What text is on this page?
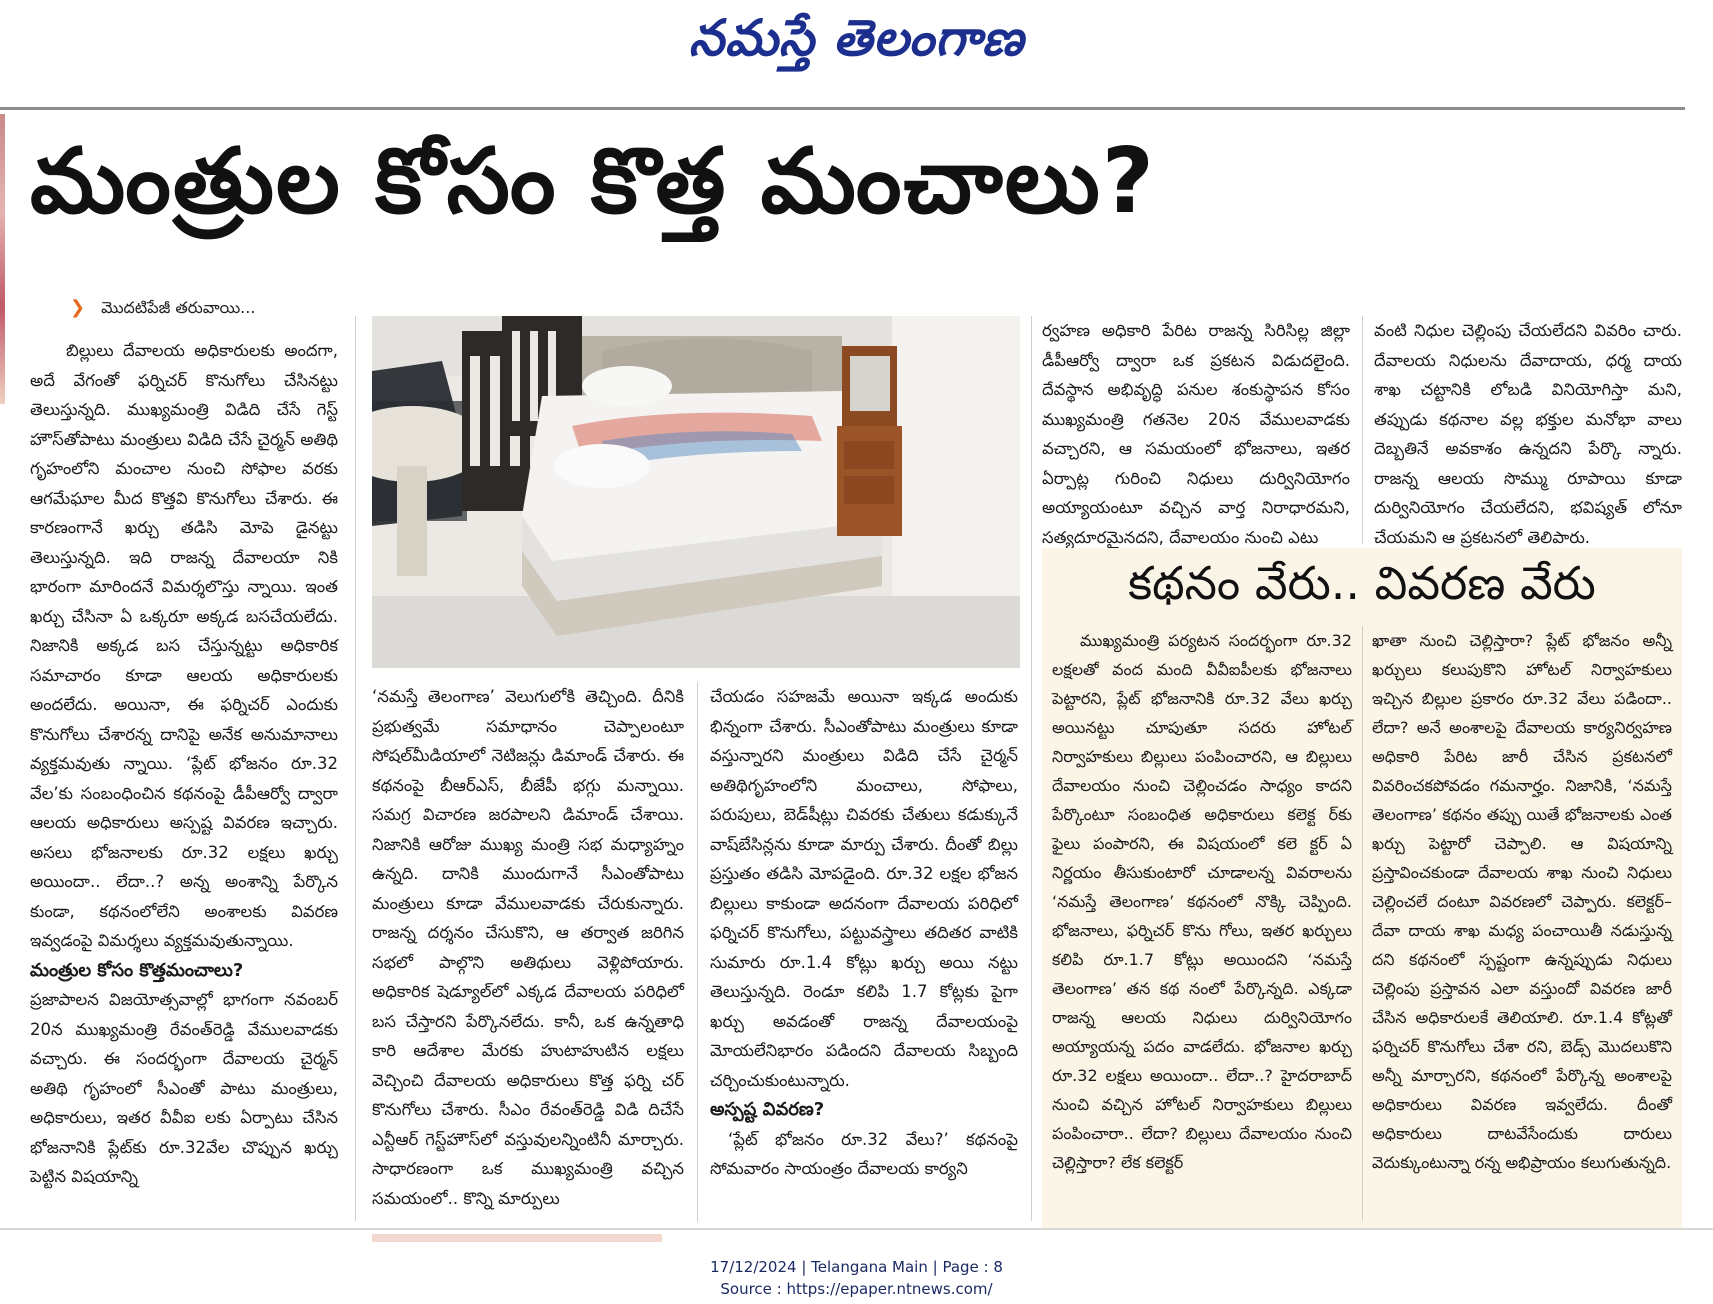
నమస్తే తెలంగాణ
మంత్రుల కోసం కొత్త మంచాలు?
❯ మొదటిపేజీ తరువాయి...

బిల్లులు దేవాలయ అధికారులకు అందగా, అదే వేగంతో ఫర్నిచర్ కొనుగోలు చేసినట్టు తెలుస్తున్నది. ముఖ్యమంత్రి విడిది చేసే గెస్ట్ హౌస్‌తోపాటు మంత్రులు విడిది చేసే చైర్మన్ అతిథి గృహంలోని మంచాల నుంచి సోఫాల వరకు ఆగమేఘాల మీద కొత్తవి కొనుగోలు చేశారు. ఈ కారణంగానే ఖర్చు తడిసి మోపె డైనట్టు తెలుస్తున్నది. ఇది రాజన్న దేవాలయా నికి భారంగా మారిందనే విమర్శలొస్తు న్నాయి. ఇంత ఖర్చు చేసినా ఏ ఒక్కరూ అక్కడ బసచేయలేదు. నిజానికి అక్కడ బస చేస్తున్నట్టు అధికారిక సమాచారం కూడా ఆలయ అధికారులకు అందలేదు. అయినా, ఈ ఫర్నిచర్ ఎందుకు కొనుగోలు చేశారన్న దానిపై అనేక అనుమానాలు వ్యక్తమవుతు న్నాయి. ‘ప్లేట్ భోజనం రూ.32 వేల’కు సంబంధించిన కథనంపై డీపీఆర్వో ద్వారా ఆలయ అధికారులు అస్పష్ట వివరణ ఇచ్చారు. అసలు భోజనాలకు రూ.32 లక్షలు ఖర్చు అయిందా.. లేదా..? అన్న అంశాన్ని పేర్కొన కుండా, కథనంలోలేని అంశాలకు వివరణ ఇవ్వడంపై విమర్శలు వ్యక్తమవుతున్నాయి.

మంత్రుల కోసం కొత్తమంచాలు?

ప్రజాపాలన విజయోత్సవాల్లో భాగంగా నవంబర్ 20న ముఖ్యమంత్రి రేవంత్‌రెడ్డి వేములవాడకు వచ్చారు. ఈ సందర్భంగా దేవాలయ చైర్మన్ అతిథి గృహంలో సీఎంతో పాటు మంత్రులు, అధికారులు, ఇతర వీవీఐ లకు ఏర్పాటు చేసిన భోజనానికి ప్లేట్‌కు రూ.32వేల చొప్పున ఖర్చు పెట్టిన విషయాన్ని

‘నమస్తే తెలంగాణ’ వెలుగులోకి తెచ్చింది. దీనికి ప్రభుత్వమే సమాధానం చెప్పాలంటూ సోషల్‌మీడియాలో నెటిజన్లు డిమాండ్ చేశారు. ఈ కథనంపై బీఆర్‌ఎస్, బీజేపీ భగ్గు మన్నాయి. సమగ్ర విచారణ జరపాలని డిమాండ్ చేశాయి. నిజానికి ఆరోజు ముఖ్య మంత్రి సభ మధ్యాహ్నం ఉన్నది. దానికి ముందుగానే సీఎంతోపాటు మంత్రులు కూడా వేములవాడకు చేరుకున్నారు. రాజన్న దర్శనం చేసుకొని, ఆ తర్వాత జరిగిన సభలో పాల్గొని అతిథులు వెళ్లిపోయారు. అధికారిక షెడ్యూల్‌లో ఎక్కడ దేవాలయ పరిధిలో బస చేస్తారని పేర్కొనలేదు. కానీ, ఒక ఉన్నతాధి కారి ఆదేశాల మేరకు హుటాహుటిన లక్షలు వెచ్చించి దేవాలయ అధికారులు కొత్త ఫర్ని చర్ కొనుగోలు చేశారు. సీఎం రేవంత్‌రెడ్డి విడి దిచేసే ఎన్టీఆర్ గెస్ట్‌హౌస్‌లో వస్తువులన్నింటినీ మార్చారు. సాధారణంగా ఒక ముఖ్యమంత్రి వచ్చిన సమయంలో.. కొన్ని మార్పులు

చేయడం సహజమే అయినా ఇక్కడ అందుకు భిన్నంగా చేశారు. సీఎంతోపాటు మంత్రులు కూడా వస్తున్నారని మంత్రులు విడిది చేసే చైర్మన్ అతిథిగృహంలోని మంచాలు, సోఫాలు, పరుపులు, బెడ్‌షీట్లు చివరకు చేతులు కడుక్కునే వాష్‌బేసిన్లను కూడా మార్పు చేశారు. దీంతో బిల్లు ప్రస్తుతం తడిసి మోపడైంది. రూ.32 లక్షల భోజన బిల్లులు కాకుండా అదనంగా దేవాలయ పరిధిలో ఫర్నిచర్ కొనుగోలు, పట్టువస్త్రాలు తదితర వాటికి సుమారు రూ.1.4 కోట్లు ఖర్చు అయి నట్టు తెలుస్తున్నది. రెండూ కలిపి 1.7 కోట్లకు పైగా ఖర్చు అవడంతో రాజన్న దేవాలయంపై మోయలేనిభారం పడిందని దేవాలయ సిబ్బంది చర్చించుకుంటున్నారు.

అస్పష్ట వివరణ?

‘ప్లేట్ భోజనం రూ.32 వేలు?’ కథనంపై సోమవారం సాయంత్రం దేవాలయ కార్యని

ర్వహణ అధికారి పేరిట రాజన్న సిరిసిల్ల జిల్లా డీపీఆర్వో ద్వారా ఒక ప్రకటన విడుదలైంది. దేవస్థాన అభివృద్ధి పనుల శంకుస్థాపన కోసం ముఖ్యమంత్రి గతనెల 20న వేములవాడకు వచ్చారని, ఆ సమయంలో భోజనాలు, ఇతర ఏర్పాట్ల గురించి నిధులు దుర్వినియోగం అయ్యాయంటూ వచ్చిన వార్త నిరాధారమని, సత్యదూరమైనదని, దేవాలయం నుంచి ఎటు

వంటి నిధుల చెల్లింపు చేయలేదని వివరిం చారు. దేవాలయ నిధులను దేవాదాయ, ధర్మ దాయ శాఖ చట్టానికి లోబడి వినియోగిస్తా మని, తప్పుడు కథనాల వల్ల భక్తుల మనోభా వాలు దెబ్బతినే అవకాశం ఉన్నదని పేర్కొ న్నారు. రాజన్న ఆలయ సొమ్ము రూపాయి కూడా దుర్వినియోగం చేయలేదని, భవిష్యత్ లోనూ చేయమని ఆ ప్రకటనలో తెలిపారు.

కథనం వేరు.. వివరణ వేరు

ముఖ్యమంత్రి పర్యటన సందర్భంగా రూ.32 లక్షలతో వంద మంది వీవీఐపీలకు భోజనాలు పెట్టారని, ప్లేట్ భోజనానికి రూ.32 వేలు ఖర్చు అయినట్టు చూపుతూ సదరు హోటల్ నిర్వాహకులు బిల్లులు పంపించారని, ఆ బిల్లులు దేవాలయం నుంచి చెల్లించడం సాధ్యం కాదని పేర్కొంటూ సంబంధిత అధికారులు కలెక్ట ర్‌కు ఫైలు పంపారని, ఈ విషయంలో కలె క్టర్ ఏ నిర్ణయం తీసుకుంటారో చూడాలన్న వివరాలను ‘నమస్తే తెలంగాణ’ కథనంలో నొక్కి చెప్పింది. భోజనాలు, ఫర్నిచర్ కొను గోలు, ఇతర ఖర్చులు కలిపి రూ.1.7 కోట్లు అయిందని ‘నమస్తే తెలంగాణ’ తన కథ నంలో పేర్కొన్నది. ఎక్కడా రాజన్న ఆలయ నిధులు దుర్వినియోగం అయ్యాయన్న పదం వాడలేదు. భోజనాల ఖర్చు రూ.32 లక్షలు అయిందా.. లేదా..? హైదరాబాద్ నుంచి వచ్చిన హోటల్ నిర్వాహకులు బిల్లులు పంపించారా.. లేదా? బిల్లులు దేవాలయం నుంచి చెల్లిస్తారా? లేక కలెక్టర్

ఖాతా నుంచి చెల్లిస్తారా? ప్లేట్ భోజనం అన్నీ ఖర్చులు కలుపుకొని హోటల్ నిర్వాహకులు ఇచ్చిన బిల్లుల ప్రకారం రూ.32 వేలు పడిందా.. లేదా? అనే అంశాలపై దేవాలయ కార్యనిర్వహణ అధికారి పేరిట జారీ చేసిన ప్రకటనలో వివరించకపోవడం గమనార్హం. నిజానికి, ‘నమస్తే తెలంగాణ’ కథనం తప్పు యితే భోజనాలకు ఎంత ఖర్చు పెట్టారో చెప్పాలి. ఆ విషయాన్ని ప్రస్తావించకుండా దేవాలయ శాఖ నుంచి నిధులు చెల్లించలే దంటూ వివరణలో చెప్పారు. కలెక్టర్–దేవా దాయ శాఖ మధ్య పంచాయితీ నడుస్తున్న దని కథనంలో స్పష్టంగా ఉన్నప్పుడు నిధులు చెల్లింపు ప్రస్తావన ఎలా వస్తుందో వివరణ జారీ చేసిన అధికారులకే తెలియాలి. రూ.1.4 కోట్లతో ఫర్నిచర్ కొనుగోలు చేశా రని, బెడ్స్ మొదలుకొని అన్నీ మార్చారని, కథనంలో పేర్కొన్న అంశాలపై అధికారులు వివరణ ఇవ్వలేదు. దీంతో అధికారులు దాటవేసేందుకు దారులు వెదుక్కుంటున్నా రన్న అభిప్రాయం కలుగుతున్నది.

17/12/2024 | Telangana Main | Page : 8
Source : https://epaper.ntnews.com/
